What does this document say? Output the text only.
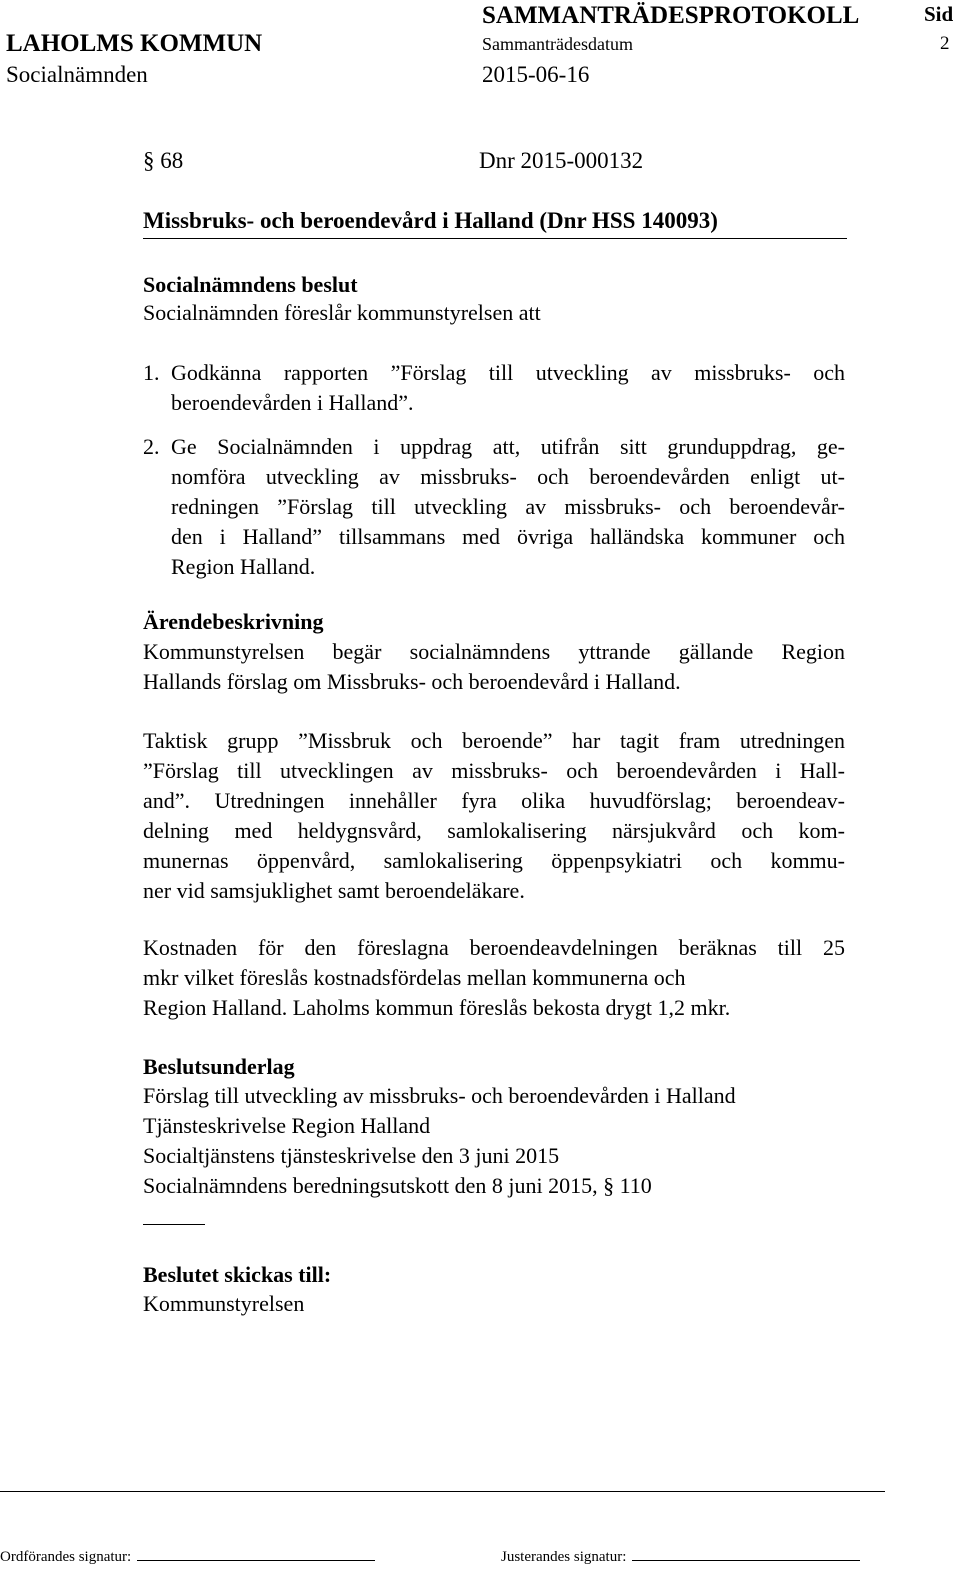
LAHOLMS KOMMUN
Socialnämnden
SAMMANTRÄDESPROTOKOLL
Sammanträdesdatum
2015-06-16
Sid
2
§ 68	Dnr 2015-000132
Missbruks- och beroendevård i Halland (Dnr HSS 140093)
Socialnämndens beslut
Socialnämnden föreslår kommunstyrelsen att
1. Godkänna rapporten ”Förslag till utveckling av missbruks- och
beroendevården i Halland”.
2. Ge Socialnämnden i uppdrag att, utifrån sitt grunduppdrag, ge-
nomföra utveckling av missbruks- och beroendevården enligt ut-
redningen ”Förslag till utveckling av missbruks- och beroendevår-
den i Halland” tillsammans med övriga halländska kommuner och
Region Halland.
Ärendebeskrivning
Kommunstyrelsen begär socialnämndens yttrande gällande Region
Hallands förslag om Missbruks- och beroendevård i Halland.
Taktisk grupp ”Missbruk och beroende” har tagit fram utredningen
”Förslag till utvecklingen av missbruks- och beroendevården i Hall-
and”. Utredningen innehåller fyra olika huvudförslag; beroendeav-
delning med heldygnsvård, samlokalisering närsjukvård och kom-
munernas öppenvård, samlokalisering öppenpsykiatri och kommu-
ner vid samsjuklighet samt beroendeläkare.
Kostnaden för den föreslagna beroendeavdelningen beräknas till 25
mkr vilket föreslås kostnadsfördelas mellan kommunerna och
Region Halland. Laholms kommun föreslås bekosta drygt 1,2 mkr.
Beslutsunderlag
Förslag till utveckling av missbruks- och beroendevården i Halland
Tjänsteskrivelse Region Halland
Socialtjänstens tjänsteskrivelse den 3 juni 2015
Socialnämndens beredningsutskott den 8 juni 2015, § 110
Beslutet skickas till:
Kommunstyrelsen
Ordförandes signatur:	Justerandes signatur:
